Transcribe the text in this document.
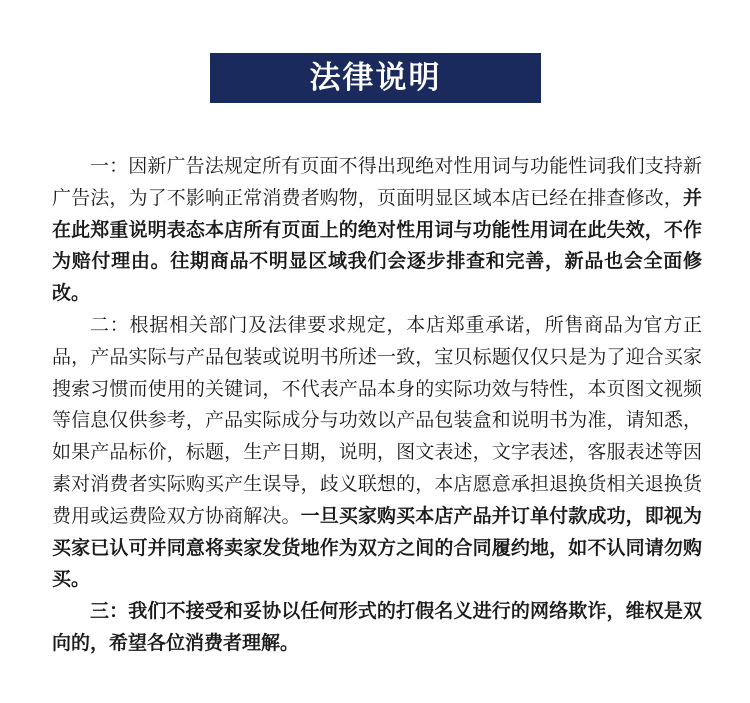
法律说明

一：因新广告法规定所有页面不得出现绝对性用词与功能性词我们支持新广告法，为了不影响正常消费者购物，页面明显区域本店已经在排查修改，并在此郑重说明表态本店所有页面上的绝对性用词与功能性用词在此失效，不作为赔付理由。往期商品不明显区域我们会逐步排查和完善，新品也会全面修改。

二：根据相关部门及法律要求规定，本店郑重承诺，所售商品为官方正品，产品实际与产品包装或说明书所述一致，宝贝标题仅仅只是为了迎合买家搜索习惯而使用的关键词，不代表产品本身的实际功效与特性，本页图文视频等信息仅供参考，产品实际成分与功效以产品包装盒和说明书为准，请知悉，如果产品标价，标题，生产日期，说明，图文表述，文字表述，客服表述等因素对消费者实际购买产生误导，歧义联想的，本店愿意承担退换货相关退换货费用或运费险双方协商解决。一旦买家购买本店产品并订单付款成功，即视为买家已认可并同意将卖家发货地作为双方之间的合同履约地，如不认同请勿购买。

三：我们不接受和妥协以任何形式的打假名义进行的网络欺诈，维权是双向的，希望各位消费者理解。
